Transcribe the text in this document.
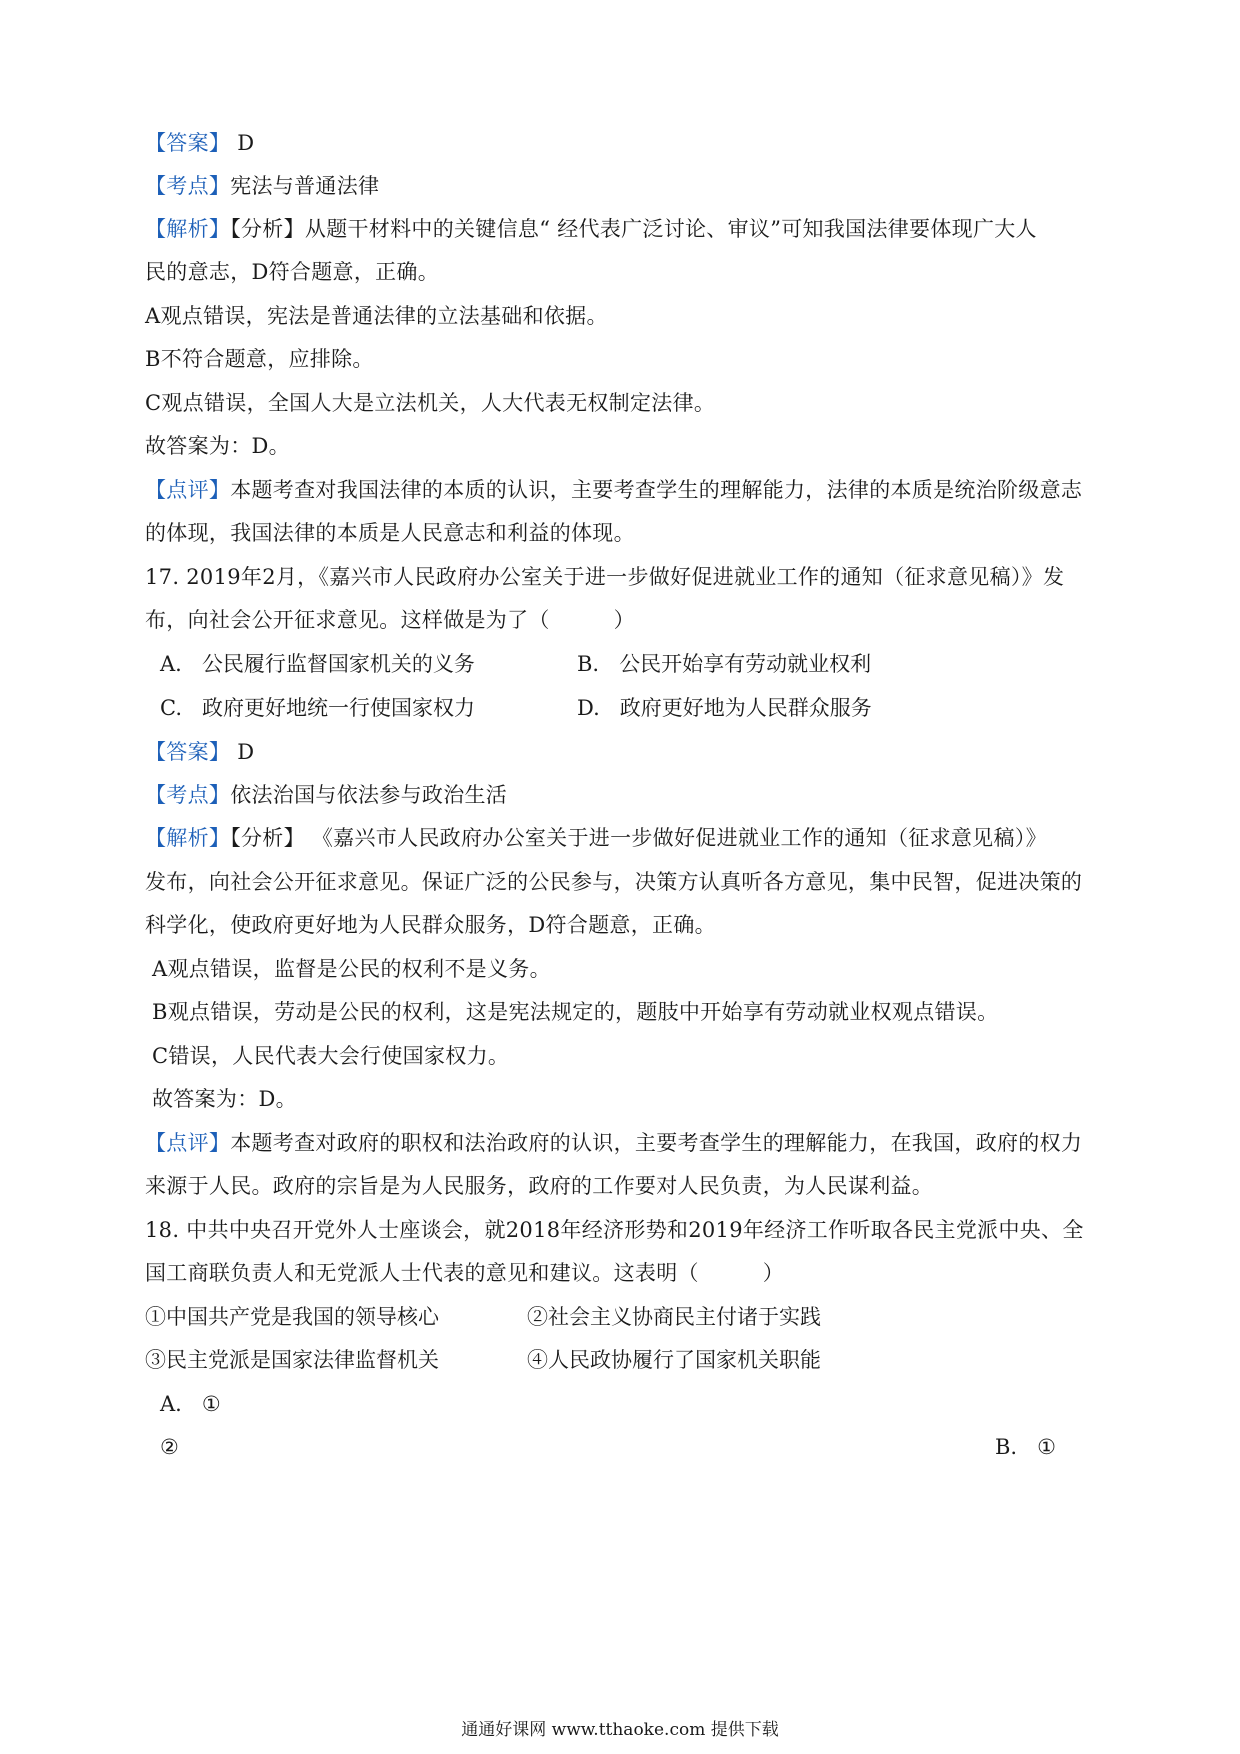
【答案】 D
【考点】宪法与普通法律
【解析】【分析】从题干材料中的关键信息“ 经代表广泛讨论、审议”可知我国法律要体现广大人
民的意志，D符合题意，正确。
A观点错误，宪法是普通法律的立法基础和依据。
B不符合题意，应排除。
C观点错误，全国人大是立法机关，人大代表无权制定法律。
故答案为：D。
【点评】本题考查对我国法律的本质的认识，主要考查学生的理解能力，法律的本质是统治阶级意志
的体现，我国法律的本质是人民意志和利益的体现。
17. 2019年2月，《嘉兴市人民政府办公室关于进一步做好促进就业工作的通知（征求意见稿）》发
布，向社会公开征求意见。这样做是为了（　　　）
A. 公民履行监督国家机关的义务	B. 公民开始享有劳动就业权利
C. 政府更好地统一行使国家权力	D. 政府更好地为人民群众服务
【答案】 D
【考点】依法治国与依法参与政治生活
【解析】【分析】 《嘉兴市人民政府办公室关于进一步做好促进就业工作的通知（征求意见稿）》
发布，向社会公开征求意见。保证广泛的公民参与，决策方认真听各方意见，集中民智，促进决策的
科学化，使政府更好地为人民群众服务，D符合题意，正确。
A观点错误，监督是公民的权利不是义务。
B观点错误，劳动是公民的权利，这是宪法规定的，题肢中开始享有劳动就业权观点错误。
C错误，人民代表大会行使国家权力。
故答案为：D。
【点评】本题考查对政府的职权和法治政府的认识，主要考查学生的理解能力，在我国，政府的权力
来源于人民。政府的宗旨是为人民服务，政府的工作要对人民负责，为人民谋利益。
18. 中共中央召开党外人士座谈会，就2018年经济形势和2019年经济工作听取各民主党派中央、全
国工商联负责人和无党派人士代表的意见和建议。这表明（　　　）
①中国共产党是我国的领导核心	②社会主义协商民主付诸于实践
③民主党派是国家法律监督机关	④人民政协履行了国家机关职能
A. ①
②	B. ①
通通好课网 www.tthaoke.com 提供下载
